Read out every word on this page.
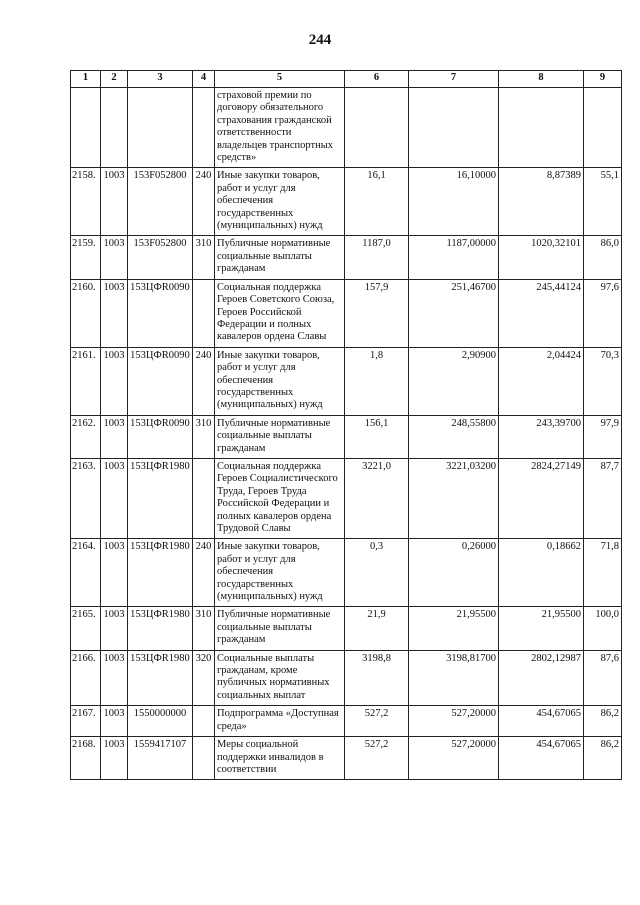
244
1	2	3	4	5	6	7	8	9
				страховой премии по договору обязательного страхования гражданской ответственности владельцев транспортных средств»				
2158.	1003	153F052800	240	Иные закупки товаров, работ и услуг для обеспечения государственных (муниципальных) нужд	16,1	16,10000	8,87389	55,1
2159.	1003	153F052800	310	Публичные нормативные социальные выплаты гражданам	1187,0	1187,00000	1020,32101	86,0
2160.	1003	153ЦФR0090		Социальная поддержка Героев Советского Союза, Героев Российской Федерации и полных кавалеров ордена Славы	157,9	251,46700	245,44124	97,6
2161.	1003	153ЦФR0090	240	Иные закупки товаров, работ и услуг для обеспечения государственных (муниципальных) нужд	1,8	2,90900	2,04424	70,3
2162.	1003	153ЦФR0090	310	Публичные нормативные социальные выплаты гражданам	156,1	248,55800	243,39700	97,9
2163.	1003	153ЦФR1980		Социальная поддержка Героев Социалистического Труда, Героев Труда Российской Федерации и полных кавалеров ордена Трудовой Славы	3221,0	3221,03200	2824,27149	87,7
2164.	1003	153ЦФR1980	240	Иные закупки товаров, работ и услуг для обеспечения государственных (муниципальных) нужд	0,3	0,26000	0,18662	71,8
2165.	1003	153ЦФR1980	310	Публичные нормативные социальные выплаты гражданам	21,9	21,95500	21,95500	100,0
2166.	1003	153ЦФR1980	320	Социальные выплаты гражданам, кроме публичных нормативных социальных выплат	3198,8	3198,81700	2802,12987	87,6
2167.	1003	1550000000		Подпрограмма «Доступная среда»	527,2	527,20000	454,67065	86,2
2168.	1003	1559417107		Меры социальной поддержки инвалидов в соответствии	527,2	527,20000	454,67065	86,2
